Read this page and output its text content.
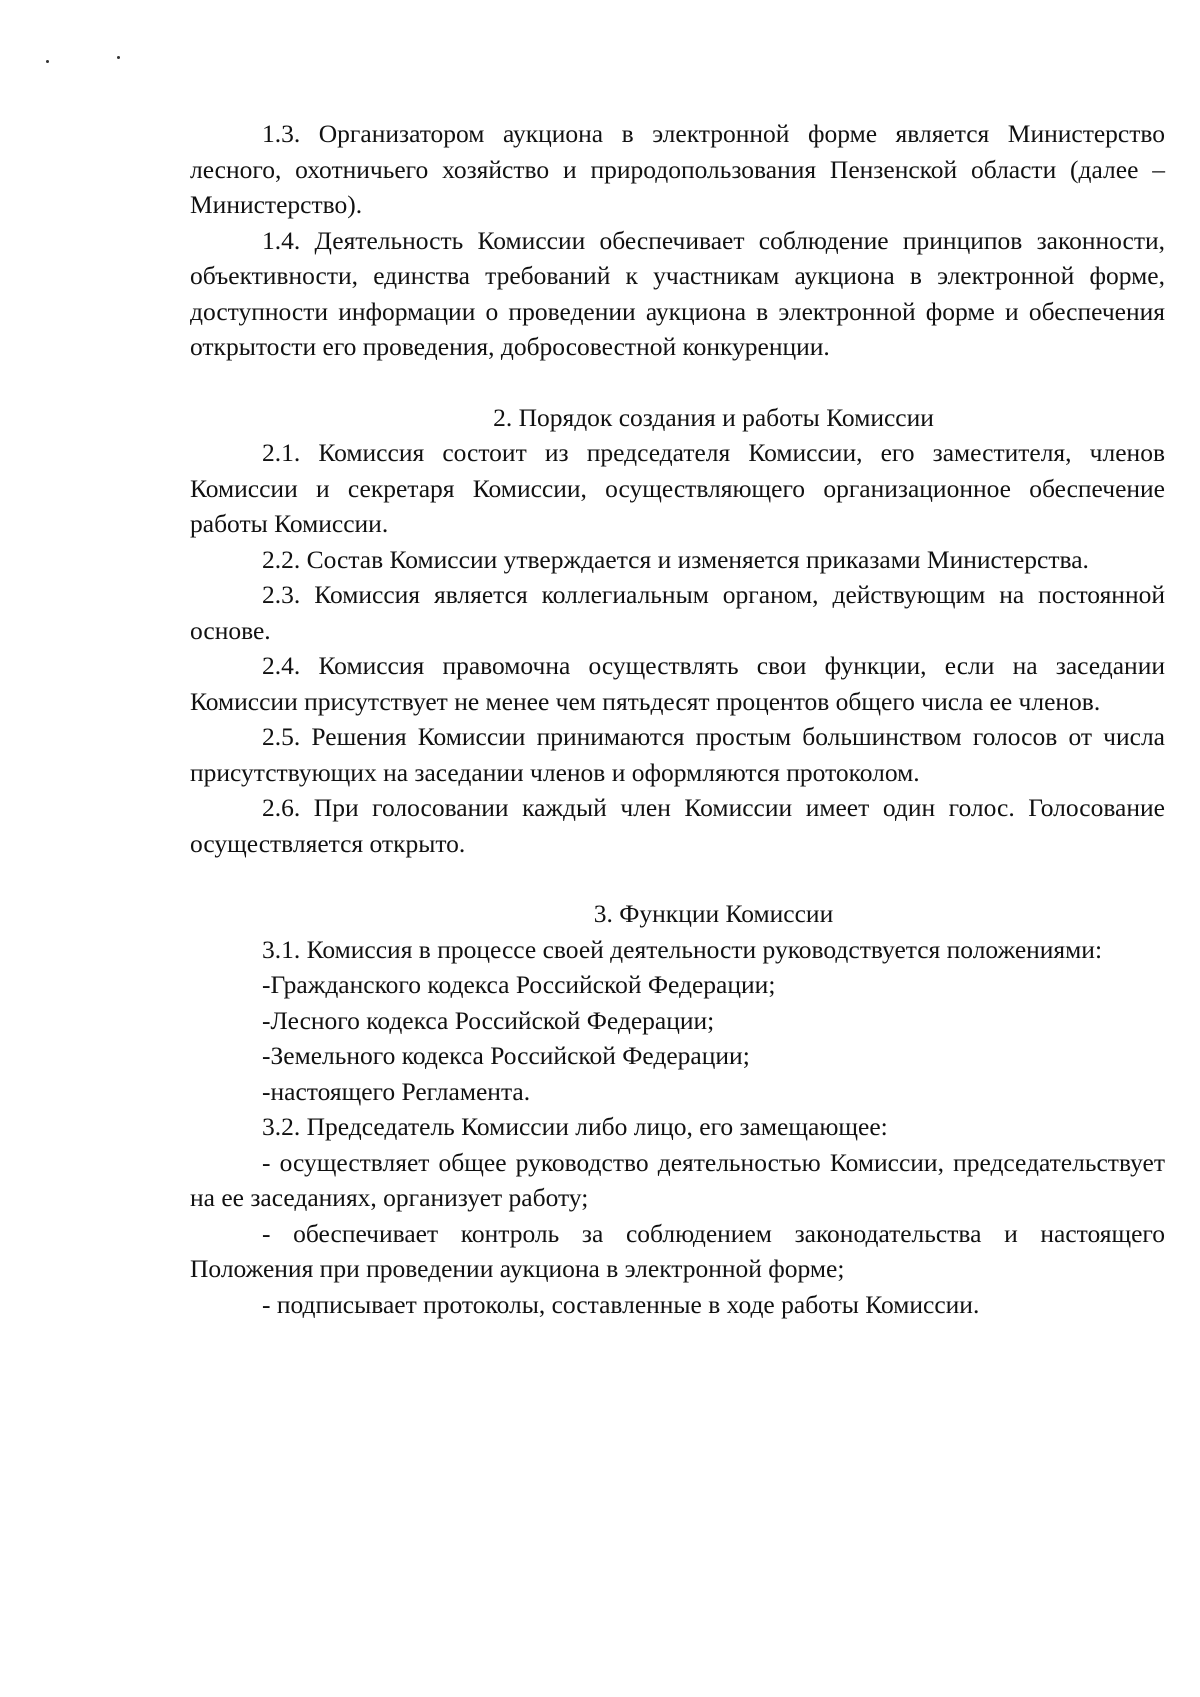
1.3. Организатором аукциона в электронной форме является Министерство лесного, охотничьего хозяйство и природопользования Пензенской области (далее – Министерство).

1.4. Деятельность Комиссии обеспечивает соблюдение принципов законности, объективности, единства требований к участникам аукциона в электронной форме, доступности информации о проведении аукциона в электронной форме и обеспечения открытости его проведения, добросовестной конкуренции.

2. Порядок создания и работы Комиссии

2.1. Комиссия состоит из председателя Комиссии, его заместителя, членов Комиссии и секретаря Комиссии, осуществляющего организационное обеспечение работы Комиссии.

2.2. Состав Комиссии утверждается и изменяется приказами Министерства.

2.3. Комиссия является коллегиальным органом, действующим на постоянной основе.

2.4. Комиссия правомочна осуществлять свои функции, если на заседании Комиссии присутствует не менее чем пятьдесят процентов общего числа ее членов.

2.5. Решения Комиссии принимаются простым большинством голосов от числа присутствующих на заседании членов и оформляются протоколом.

2.6. При голосовании каждый член Комиссии имеет один голос. Голосование осуществляется открыто.

3. Функции Комиссии

3.1. Комиссия в процессе своей деятельности руководствуется положениями:

-Гражданского кодекса Российской Федерации;

-Лесного кодекса Российской Федерации;

-Земельного кодекса Российской Федерации;

-настоящего Регламента.

3.2. Председатель Комиссии либо лицо, его замещающее:

- осуществляет общее руководство деятельностью Комиссии, председательствует на ее заседаниях, организует работу;

- обеспечивает контроль за соблюдением законодательства и настоящего Положения при проведении аукциона в электронной форме;

- подписывает протоколы, составленные в ходе работы Комиссии.
